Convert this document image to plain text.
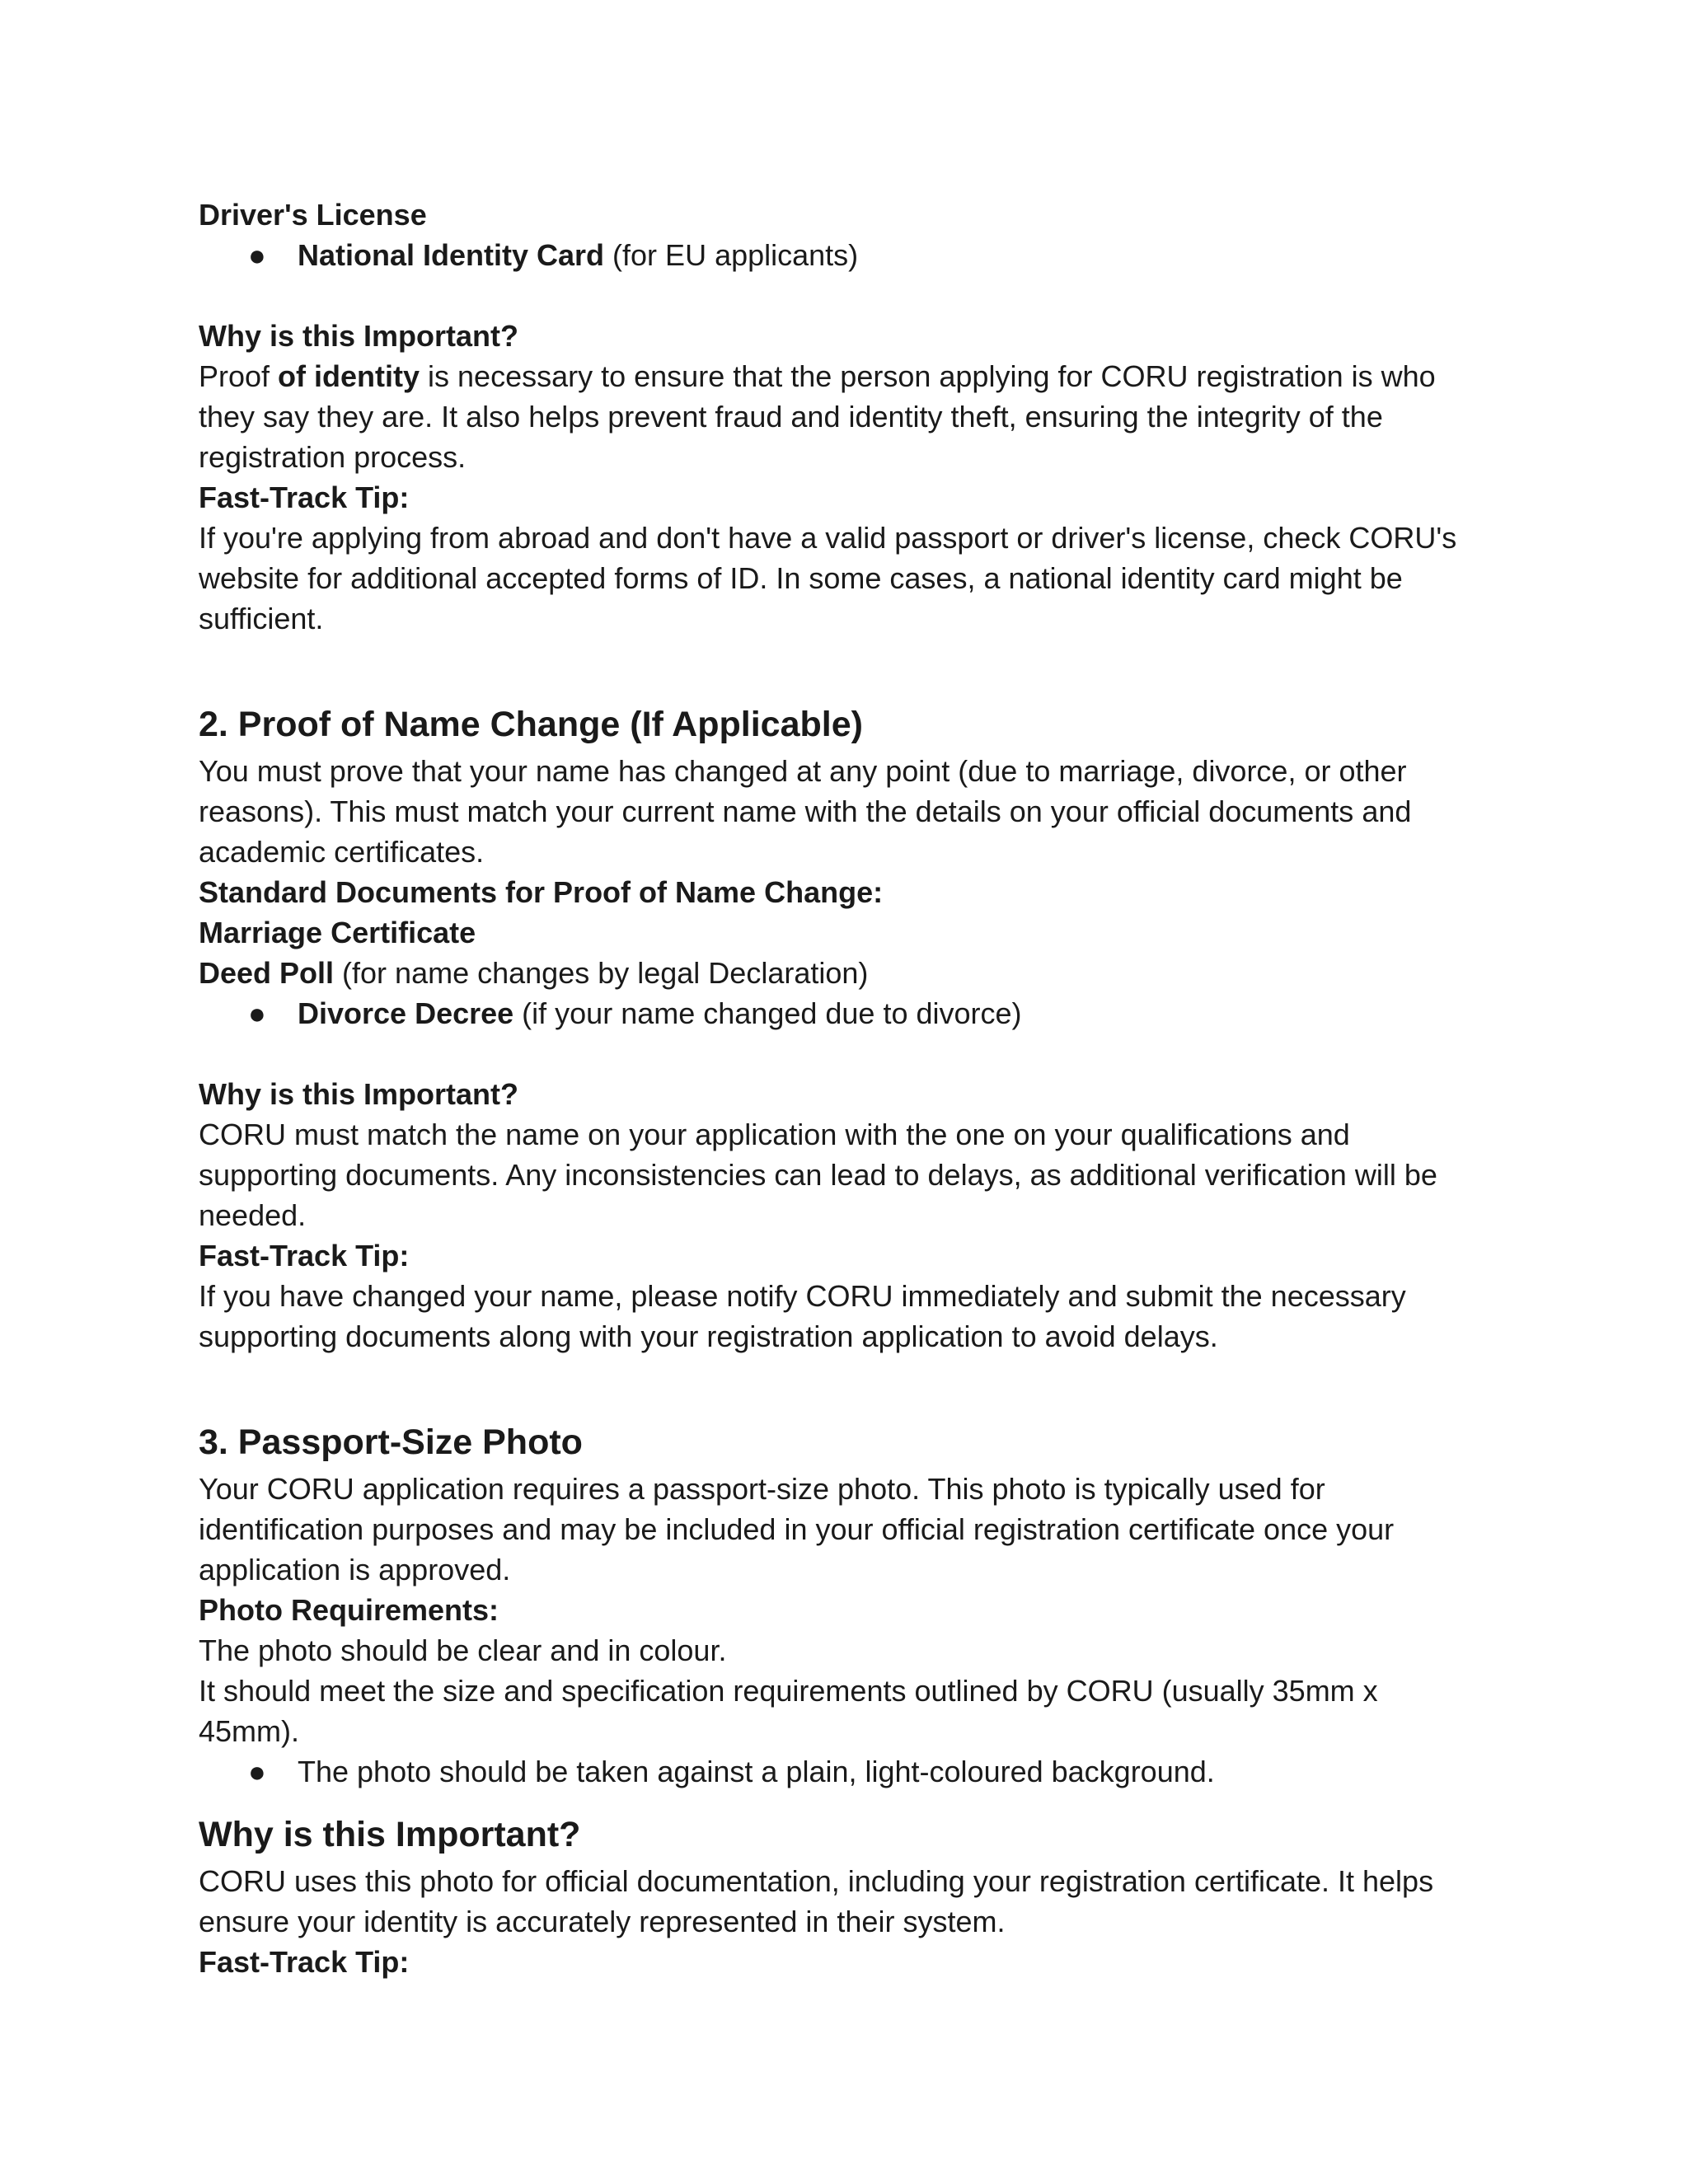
Driver's License
● National Identity Card (for EU applicants)
Why is this Important?
Proof of identity is necessary to ensure that the person applying for CORU registration is who
they say they are. It also helps prevent fraud and identity theft, ensuring the integrity of the
registration process.
Fast-Track Tip:
If you're applying from abroad and don't have a valid passport or driver's license, check CORU's
website for additional accepted forms of ID. In some cases, a national identity card might be
sufficient.
2. Proof of Name Change (If Applicable)
You must prove that your name has changed at any point (due to marriage, divorce, or other
reasons). This must match your current name with the details on your official documents and
academic certificates.
Standard Documents for Proof of Name Change:
Marriage Certificate
Deed Poll (for name changes by legal Declaration)
● Divorce Decree (if your name changed due to divorce)
Why is this Important?
CORU must match the name on your application with the one on your qualifications and
supporting documents. Any inconsistencies can lead to delays, as additional verification will be
needed.
Fast-Track Tip:
If you have changed your name, please notify CORU immediately and submit the necessary
supporting documents along with your registration application to avoid delays.
3. Passport-Size Photo
Your CORU application requires a passport-size photo. This photo is typically used for
identification purposes and may be included in your official registration certificate once your
application is approved.
Photo Requirements:
The photo should be clear and in colour.
It should meet the size and specification requirements outlined by CORU (usually 35mm x
45mm).
● The photo should be taken against a plain, light-coloured background.
Why is this Important?
CORU uses this photo for official documentation, including your registration certificate. It helps
ensure your identity is accurately represented in their system.
Fast-Track Tip:
